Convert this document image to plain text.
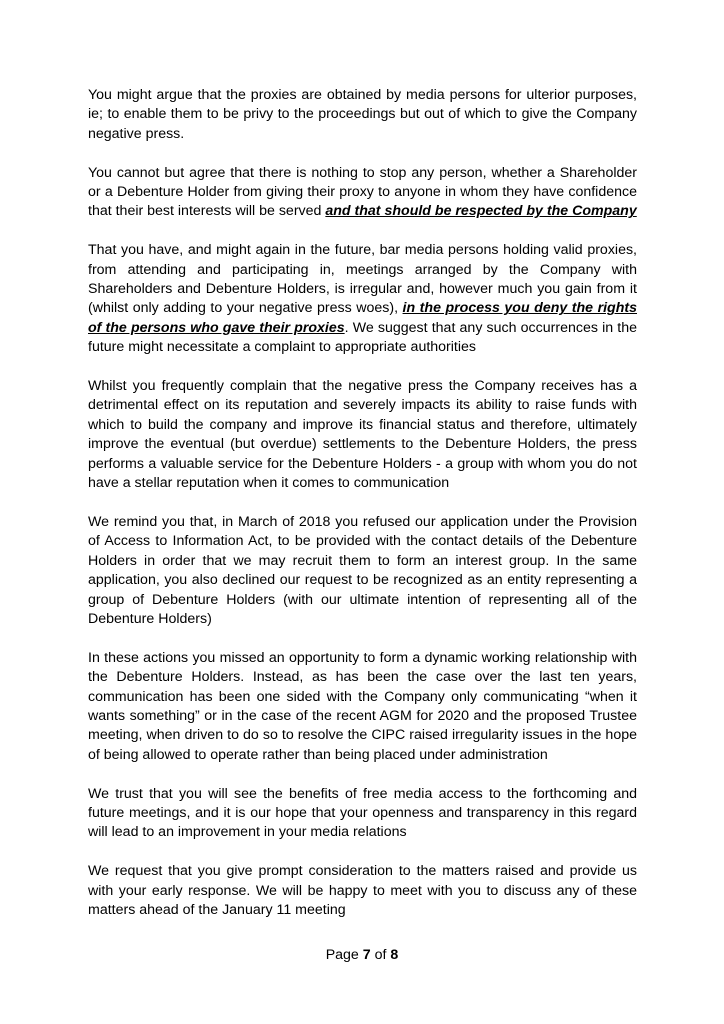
You might argue that the proxies are obtained by media persons for ulterior purposes, ie; to enable them to be privy to the proceedings but out of which to give the Company negative press.

You cannot but agree that there is nothing to stop any person, whether a Shareholder or a Debenture Holder from giving their proxy to anyone in whom they have confidence that their best interests will be served and that should be respected by the Company

That you have, and might again in the future, bar media persons holding valid proxies, from attending and participating in, meetings arranged by the Company with Shareholders and Debenture Holders, is irregular and, however much you gain from it (whilst only adding to your negative press woes), in the process you deny the rights of the persons who gave their proxies. We suggest that any such occurrences in the future might necessitate a complaint to appropriate authorities

Whilst you frequently complain that the negative press the Company receives has a detrimental effect on its reputation and severely impacts its ability to raise funds with which to build the company and improve its financial status and therefore, ultimately improve the eventual (but overdue) settlements to the Debenture Holders, the press performs a valuable service for the Debenture Holders - a group with whom you do not have a stellar reputation when it comes to communication

We remind you that, in March of 2018 you refused our application under the Provision of Access to Information Act, to be provided with the contact details of the Debenture Holders in order that we may recruit them to form an interest group. In the same application, you also declined our request to be recognized as an entity representing a group of Debenture Holders (with our ultimate intention of representing all of the Debenture Holders)

In these actions you missed an opportunity to form a dynamic working relationship with the Debenture Holders. Instead, as has been the case over the last ten years, communication has been one sided with the Company only communicating “when it wants something” or in the case of the recent AGM for 2020 and the proposed Trustee meeting, when driven to do so to resolve the CIPC raised irregularity issues in the hope of being allowed to operate rather than being placed under administration

We trust that you will see the benefits of free media access to the forthcoming and future meetings, and it is our hope that your openness and transparency in this regard will lead to an improvement in your media relations

We request that you give prompt consideration to the matters raised and provide us with your early response. We will be happy to meet with you to discuss any of these matters ahead of the January 11 meeting

Page 7 of 8
